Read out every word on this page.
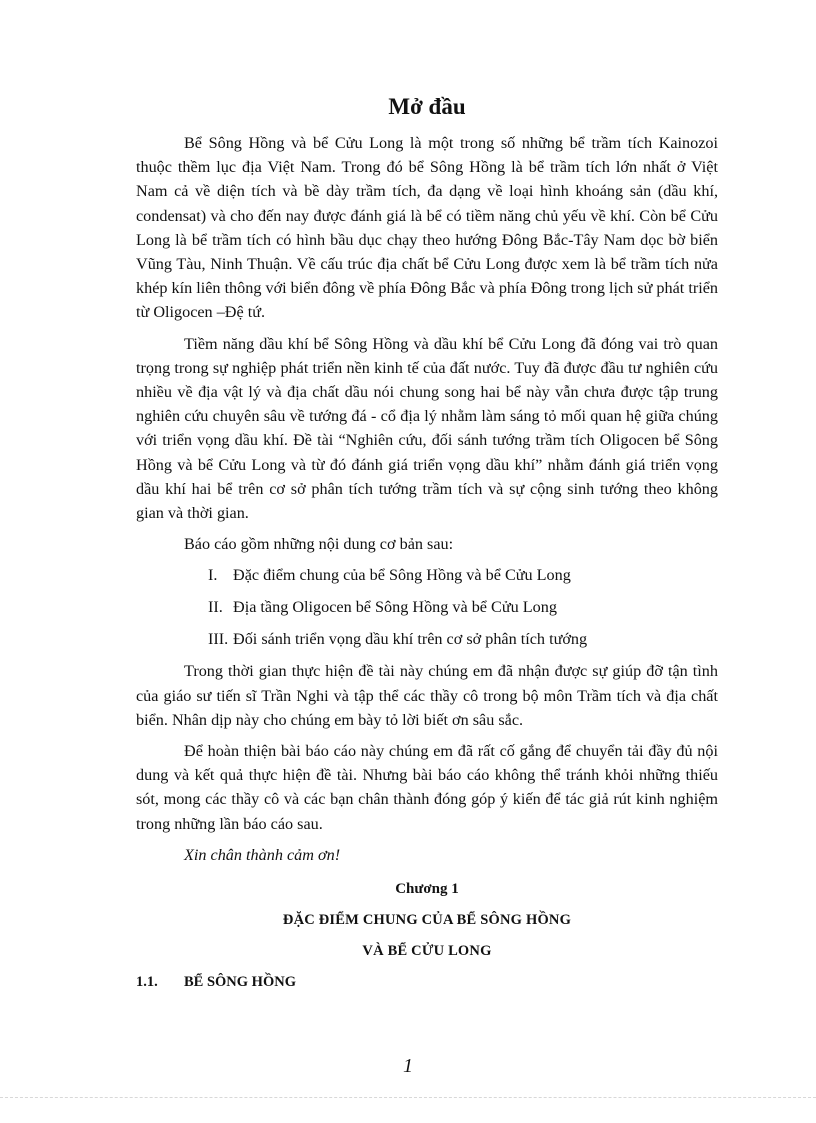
Mở đầu

Bể Sông Hồng và bể Cửu Long là một trong số những bể trầm tích Kainozoi thuộc thềm lục địa Việt Nam. Trong đó bể Sông Hồng là bể trầm tích lớn nhất ở Việt Nam cả về diện tích và bề dày trầm tích, đa dạng về loại hình khoáng sản (dầu khí, condensat) và cho đến nay được đánh giá là bể có tiềm năng chủ yếu về khí. Còn bể Cửu Long là bể trầm tích có hình bầu dục chạy theo hướng Đông Bắc-Tây Nam dọc bờ biển Vũng Tàu, Ninh Thuận. Về cấu trúc địa chất bể Cửu Long được xem là bể trầm tích nửa khép kín liên thông với biển đông về phía Đông Bắc và phía Đông trong lịch sử phát triển từ Oligocen –Đệ tứ.

Tiềm năng dầu khí bể Sông Hồng và dầu khí bể Cửu Long đã đóng vai trò quan trọng trong sự nghiệp phát triển nền kinh tế của đất nước. Tuy đã được đầu tư nghiên cứu nhiều về địa vật lý và địa chất dầu nói chung song hai bể này vẫn chưa được tập trung nghiên cứu chuyên sâu về tướng đá - cổ địa lý nhằm làm sáng tỏ mối quan hệ giữa chúng với triển vọng dầu khí. Đề tài “Nghiên cứu, đối sánh tướng trầm tích Oligocen bể Sông Hồng và bể Cửu Long và từ đó đánh giá triển vọng dầu khí” nhằm đánh giá triển vọng dầu khí hai bể trên cơ sở phân tích tướng trầm tích và sự cộng sinh tướng theo không gian và thời gian.

Báo cáo gồm những nội dung cơ bản sau:

I. Đặc điểm chung của bể Sông Hồng và bể Cửu Long
II. Địa tầng Oligocen bể Sông Hồng và bể Cửu Long
III. Đối sánh triển vọng dầu khí trên cơ sở phân tích tướng

Trong thời gian thực hiện đề tài này chúng em đã nhận được sự giúp đỡ tận tình của giáo sư tiến sĩ Trần Nghi và tập thể các thầy cô trong bộ môn Trầm tích và địa chất biển. Nhân dịp này cho chúng em bày tỏ lời biết ơn sâu sắc.

Để hoàn thiện bài báo cáo này chúng em đã rất cố gắng để chuyển tải đầy đủ nội dung và kết quả thực hiện đề tài. Nhưng bài báo cáo không thể tránh khỏi những thiếu sót, mong các thầy cô và các bạn chân thành đóng góp ý kiến để tác giả rút kinh nghiệm trong những lần báo cáo sau.

Xin chân thành cảm ơn!

Chương 1
ĐẶC ĐIỂM CHUNG CỦA BỂ SÔNG HỒNG
VÀ BỂ CỬU LONG
1.1.	BỂ SÔNG HỒNG
1
